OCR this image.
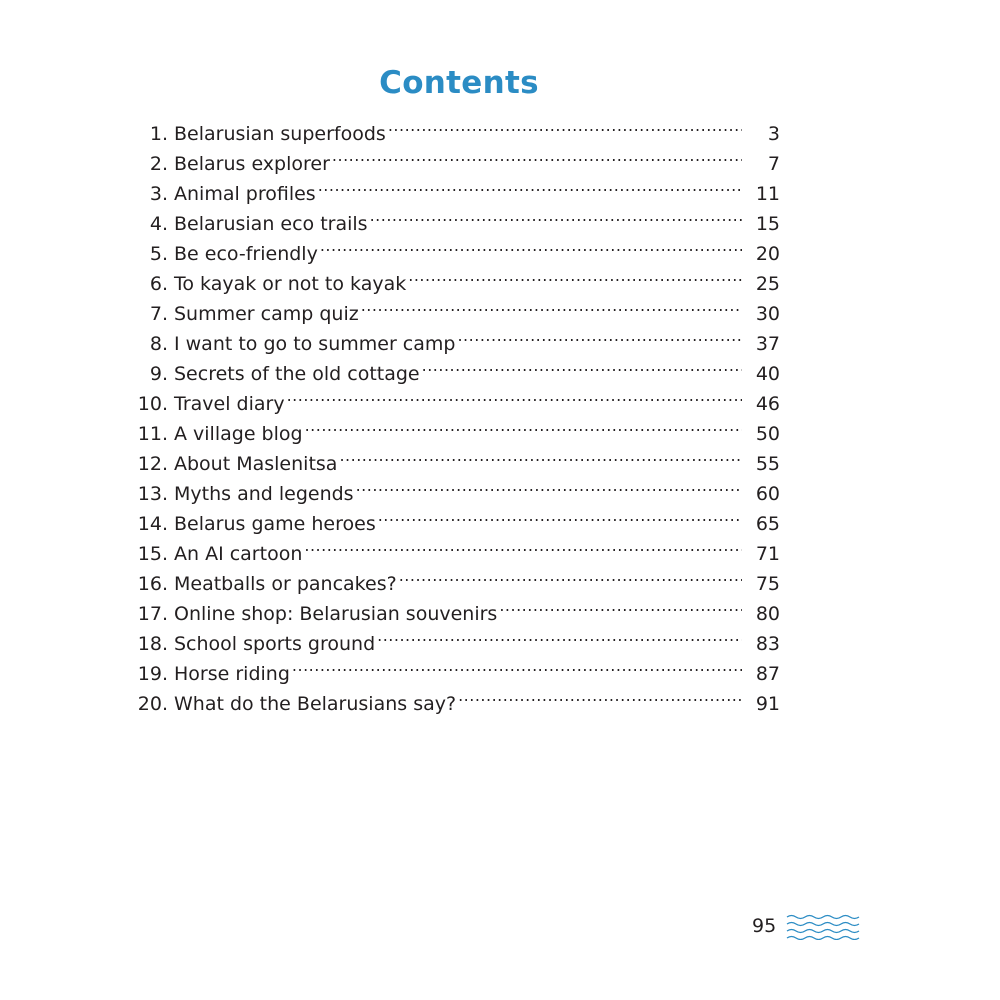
Contents
1. Belarusian superfoods .....	3
2. Belarus explorer .....	7
3. Animal profiles .....	11
4. Belarusian eco trails .....	15
5. Be eco-friendly .....	20
6. To kayak or not to kayak .....	25
7. Summer camp quiz .....	30
8. I want to go to summer camp .....	37
9. Secrets of the old cottage .....	40
10. Travel diary .....	46
11. A village blog .....	50
12. About Maslenitsa .....	55
13. Myths and legends .....	60
14. Belarus game heroes .....	65
15. An AI cartoon .....	71
16. Meatballs or pancakes? .....	75
17. Online shop: Belarusian souvenirs .....	80
18. School sports ground .....	83
19. Horse riding .....	87
20. What do the Belarusians say? .....	91
95
